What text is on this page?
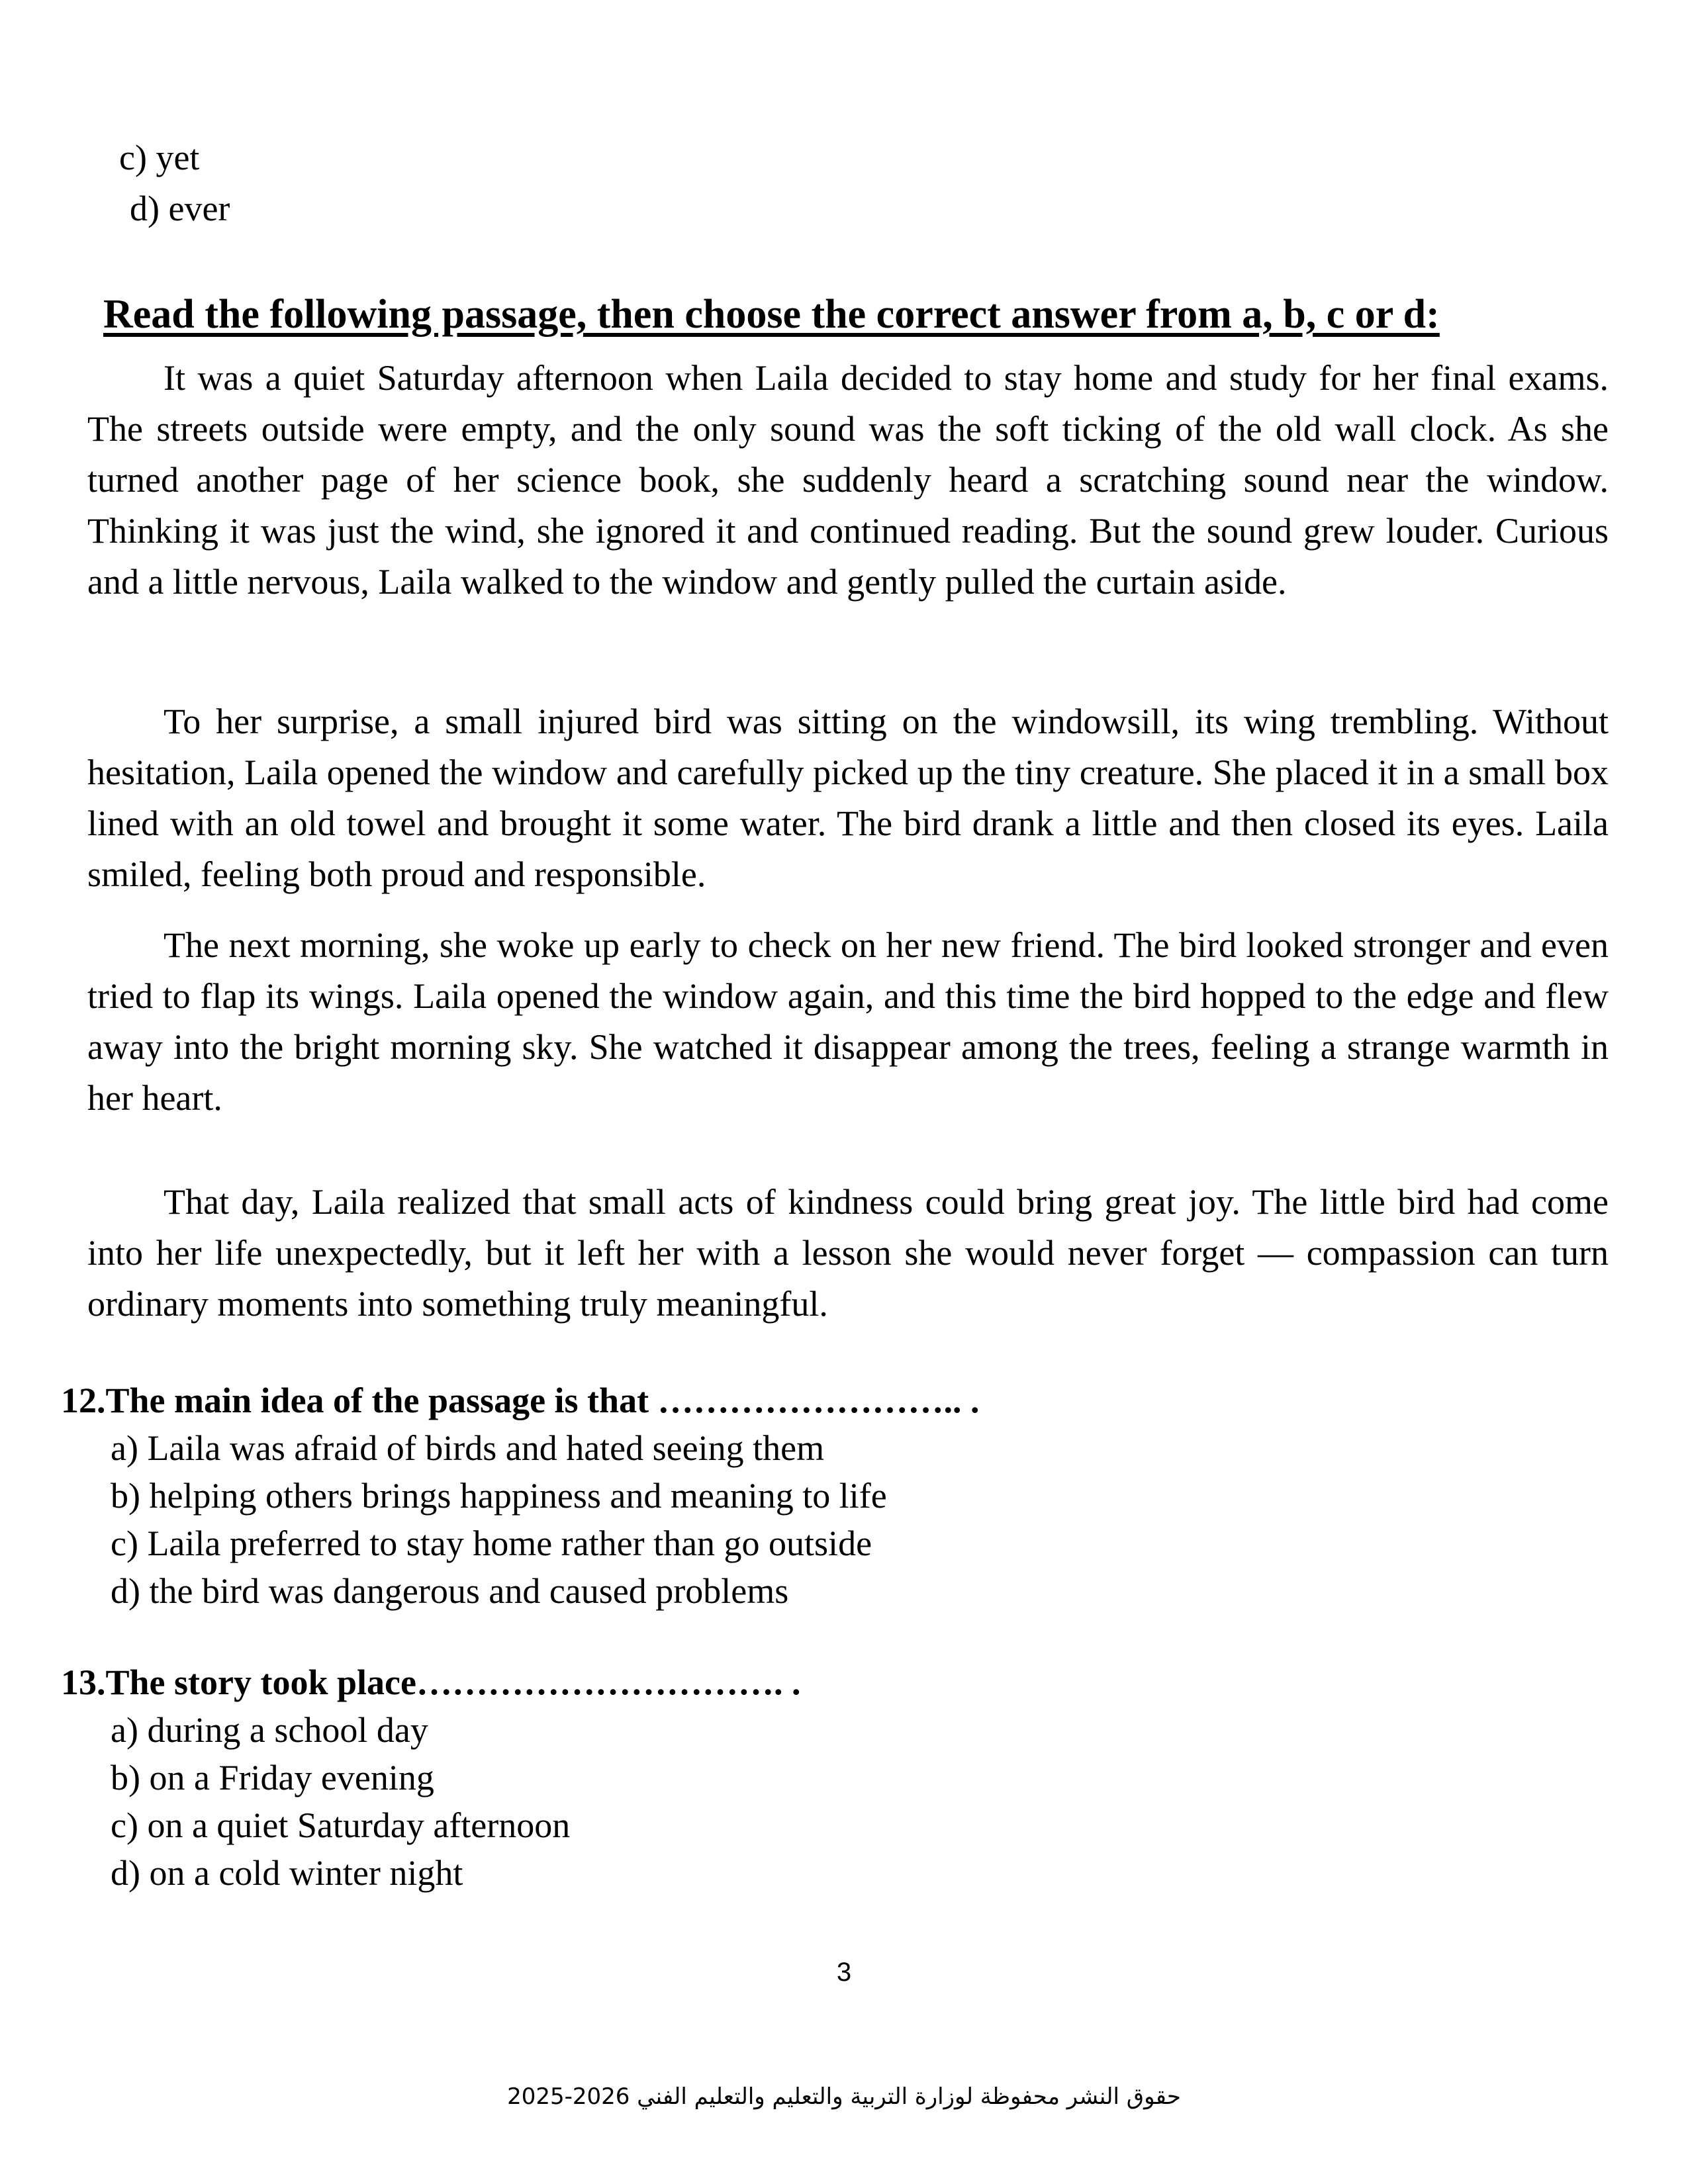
c) yet
d) ever
Read the following passage, then choose the correct answer from a, b, c or d:

It was a quiet Saturday afternoon when Laila decided to stay home and study for her final exams. The streets outside were empty, and the only sound was the soft ticking of the old wall clock. As she turned another page of her science book, she suddenly heard a scratching sound near the window. Thinking it was just the wind, she ignored it and continued reading. But the sound grew louder. Curious and a little nervous, Laila walked to the window and gently pulled the curtain aside.

To her surprise, a small injured bird was sitting on the windowsill, its wing trembling. Without hesitation, Laila opened the window and carefully picked up the tiny creature. She placed it in a small box lined with an old towel and brought it some water. The bird drank a little and then closed its eyes. Laila smiled, feeling both proud and responsible.

The next morning, she woke up early to check on her new friend. The bird looked stronger and even tried to flap its wings. Laila opened the window again, and this time the bird hopped to the edge and flew away into the bright morning sky. She watched it disappear among the trees, feeling a strange warmth in her heart.

That day, Laila realized that small acts of kindness could bring great joy. The little bird had come into her life unexpectedly, but it left her with a lesson she would never forget — compassion can turn ordinary moments into something truly meaningful.

12.The main idea of the passage is that …………………….. .
a) Laila was afraid of birds and hated seeing them
b) helping others brings happiness and meaning to life
c) Laila preferred to stay home rather than go outside
d) the bird was dangerous and caused problems
13.The story took place…………………………. .
a) during a school day
b) on a Friday evening
c) on a quiet Saturday afternoon
d) on a cold winter night
3
حقوق النشر محفوظة لوزارة التربية والتعليم والتعليم الفني 2026-2025
